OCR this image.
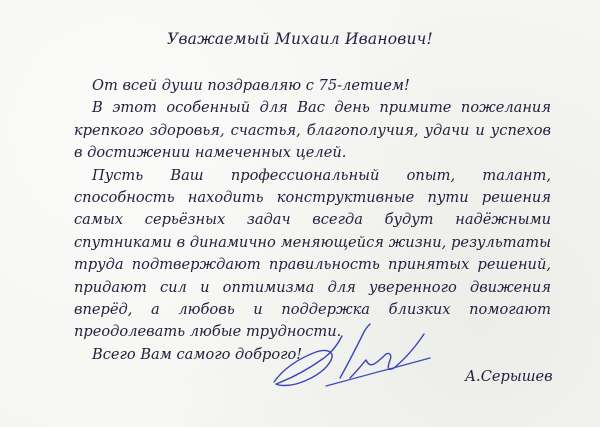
Уважаемый Михаил Иванович!

От всей души поздравляю с 75-летием!

В этот особенный для Вас день примите пожелания крепкого здоровья, счастья, благополучия, удачи и успехов в достижении намеченных целей.

Пусть Ваш профессиональный опыт, талант, способность находить конструктивные пути решения самых серьёзных задач всегда будут надёжными спутниками в динамично меняющейся жизни, результаты труда подтверждают правильность принятых решений, придают сил и оптимизма для уверенного движения вперёд, а любовь и поддержка близких помогают преодолевать любые трудности.

Всего Вам самого доброго!

А.Серышев
